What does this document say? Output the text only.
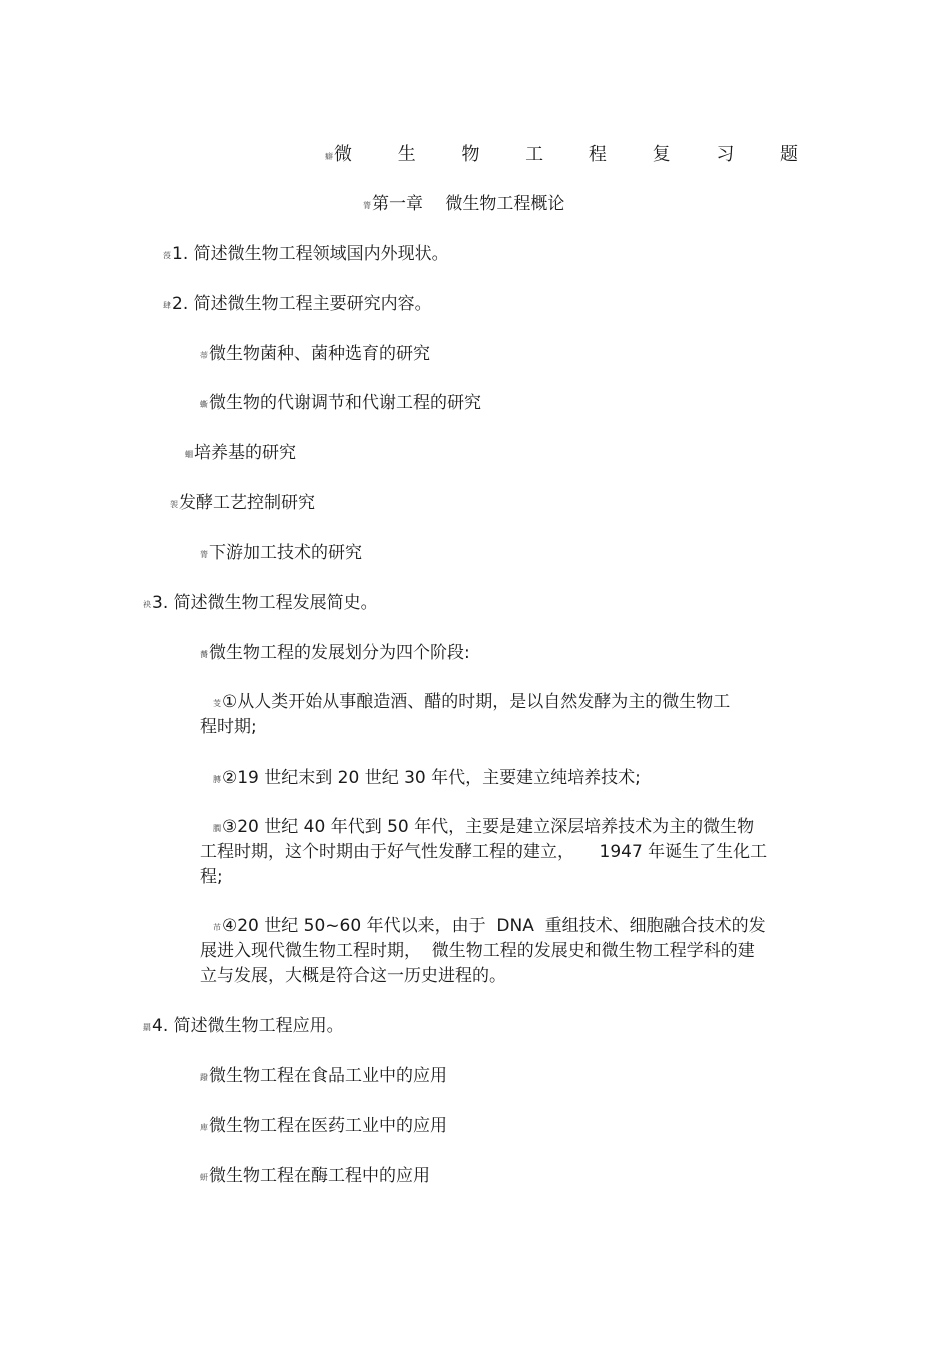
癖微 生 物 工 程 复 习 题
膂第一章　 微生物工程概论
莈1. 简述微生物工程领域国内外现状。
肆2. 简述微生物工程主要研究内容。
蒂微生物菌种、菌种选育的研究
蟖微生物的代谢调节和代谢工程的研究
蜖培养基的研究
袈发酵工艺控制研究
膂下游加工技术的研究
袂3. 简述微生物工程发展简史。
膥微生物工程的发展划分为四个阶段:
芰①从人类开始从事酿造酒、醋的时期，是以自然发酵为主的微生物工
程时期;
膞②19 世纪末到 20 世纪 30 年代，主要建立纯培养技术;
膶③20 世纪 40 年代到 50 年代，主要是建立深层培养技术为主的微生物
工程时期，这个时期由于好气性发酵工程的建立，　　1947 年诞生了生化工
程;
芇④20 世纪 50~60 年代以来，由于  DNA  重组技术、细胞融合技术的发
展进入现代微生物工程时期，  微生物工程的发展史和微生物工程学科的建
立与发展，大概是符合这一历史进程的。
羂4. 简述微生物工程应用。
蹳微生物工程在食品工业中的应用
庳微生物工程在医药工业中的应用
蚈微生物工程在酶工程中的应用
